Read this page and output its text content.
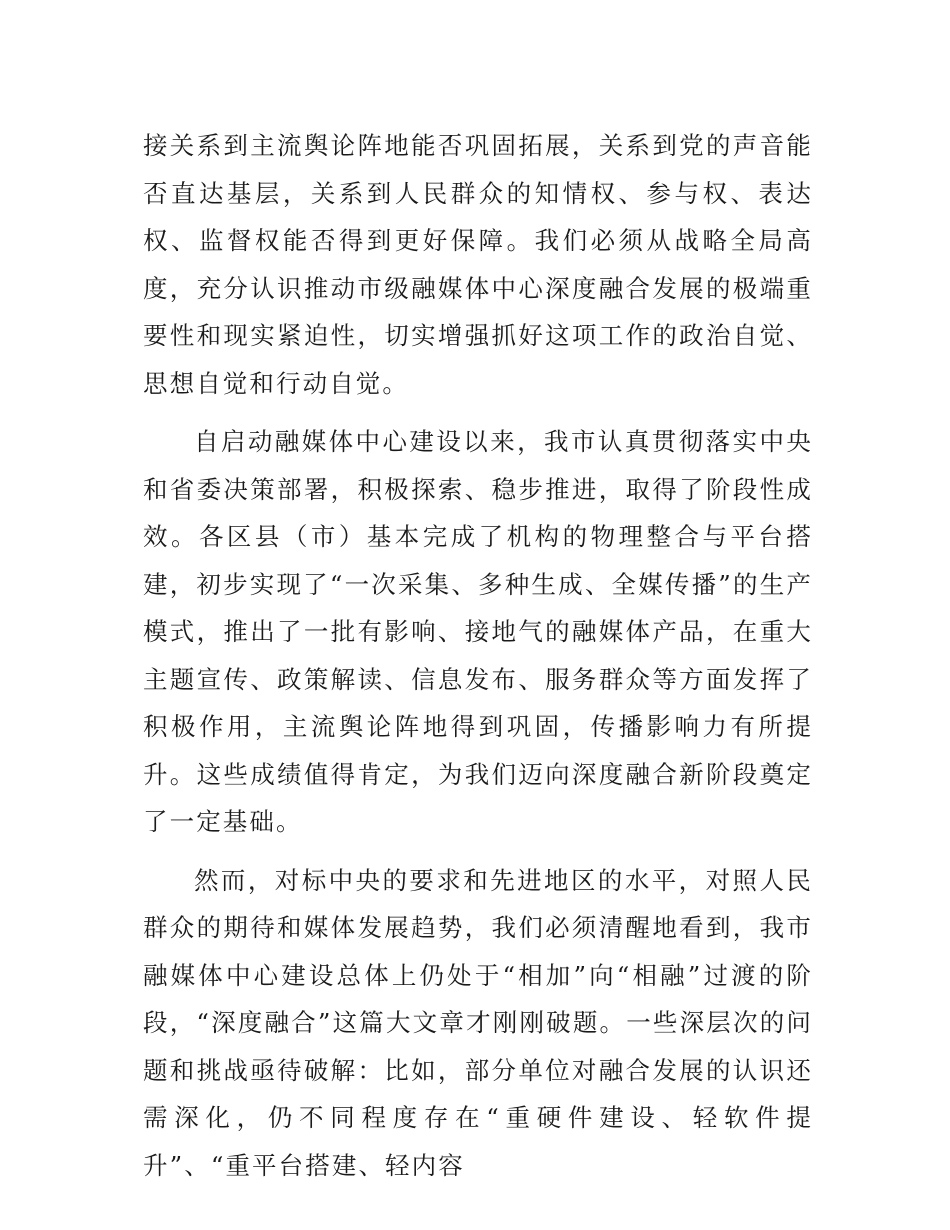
接关系到主流舆论阵地能否巩固拓展，关系到党的声音能否直达基层，关系到人民群众的知情权、参与权、表达权、监督权能否得到更好保障。我们必须从战略全局高度，充分认识推动市级融媒体中心深度融合发展的极端重要性和现实紧迫性，切实增强抓好这项工作的政治自觉、思想自觉和行动自觉。

自启动融媒体中心建设以来，我市认真贯彻落实中央和省委决策部署，积极探索、稳步推进，取得了阶段性成效。各区县（市）基本完成了机构的物理整合与平台搭建，初步实现了“一次采集、多种生成、全媒传播”的生产模式，推出了一批有影响、接地气的融媒体产品，在重大主题宣传、政策解读、信息发布、服务群众等方面发挥了积极作用，主流舆论阵地得到巩固，传播影响力有所提升。这些成绩值得肯定，为我们迈向深度融合新阶段奠定了一定基础。

然而，对标中央的要求和先进地区的水平，对照人民群众的期待和媒体发展趋势，我们必须清醒地看到，我市融媒体中心建设总体上仍处于“相加”向“相融”过渡的阶段，“深度融合”这篇大文章才刚刚破题。一些深层次的问题和挑战亟待破解：比如，部分单位对融合发展的认识还需深化，仍不同程度存在“重硬件建设、轻软件提升”、“重平台搭建、轻内容
